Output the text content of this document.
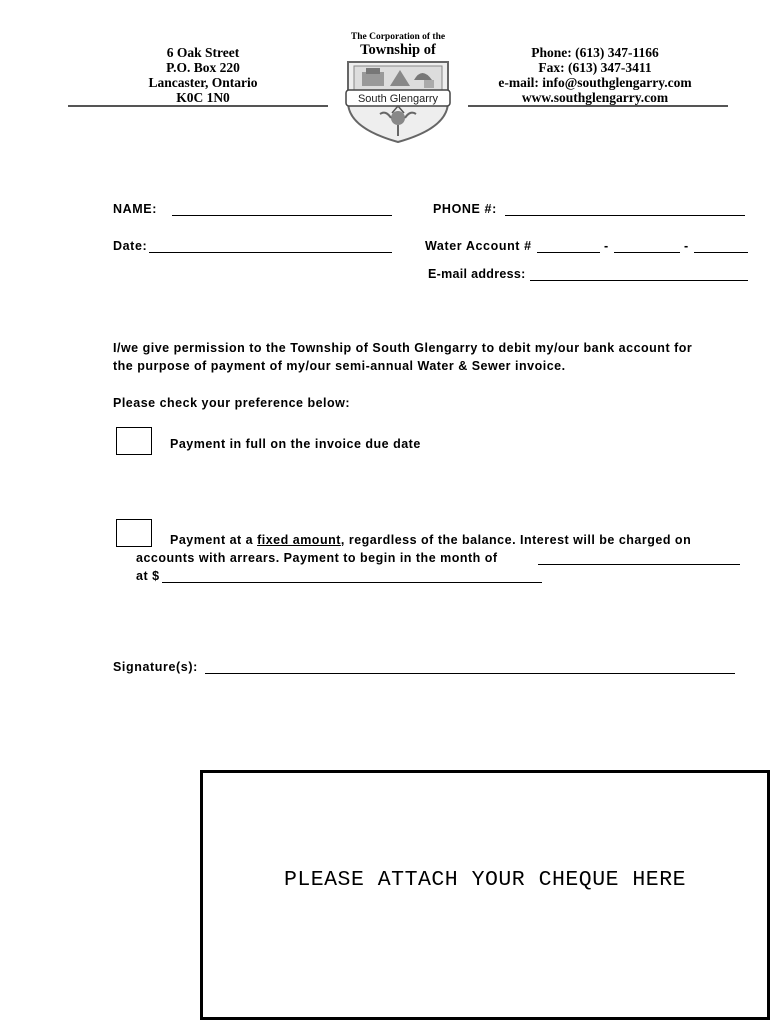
6 Oak Street
P.O. Box 220
Lancaster, Ontario
K0C 1N0
The Corporation of the
Township of
South Glengarry
Phone: (613) 347-1166
Fax: (613) 347-3411
e-mail: info@southglengarry.com
www.southglengarry.com
NAME:	PHONE #:
Date:	Water Account #	-	-
E-mail address:
I/we give permission to the Township of South Glengarry to debit my/our bank account for
the purpose of payment of my/our semi-annual Water & Sewer invoice.
Please check your preference below:
Payment in full on the invoice due date
Payment at a fixed amount, regardless of the balance. Interest will be charged on
accounts with arrears. Payment to begin in the month of
at $
Signature(s):
PLEASE ATTACH YOUR CHEQUE HERE
